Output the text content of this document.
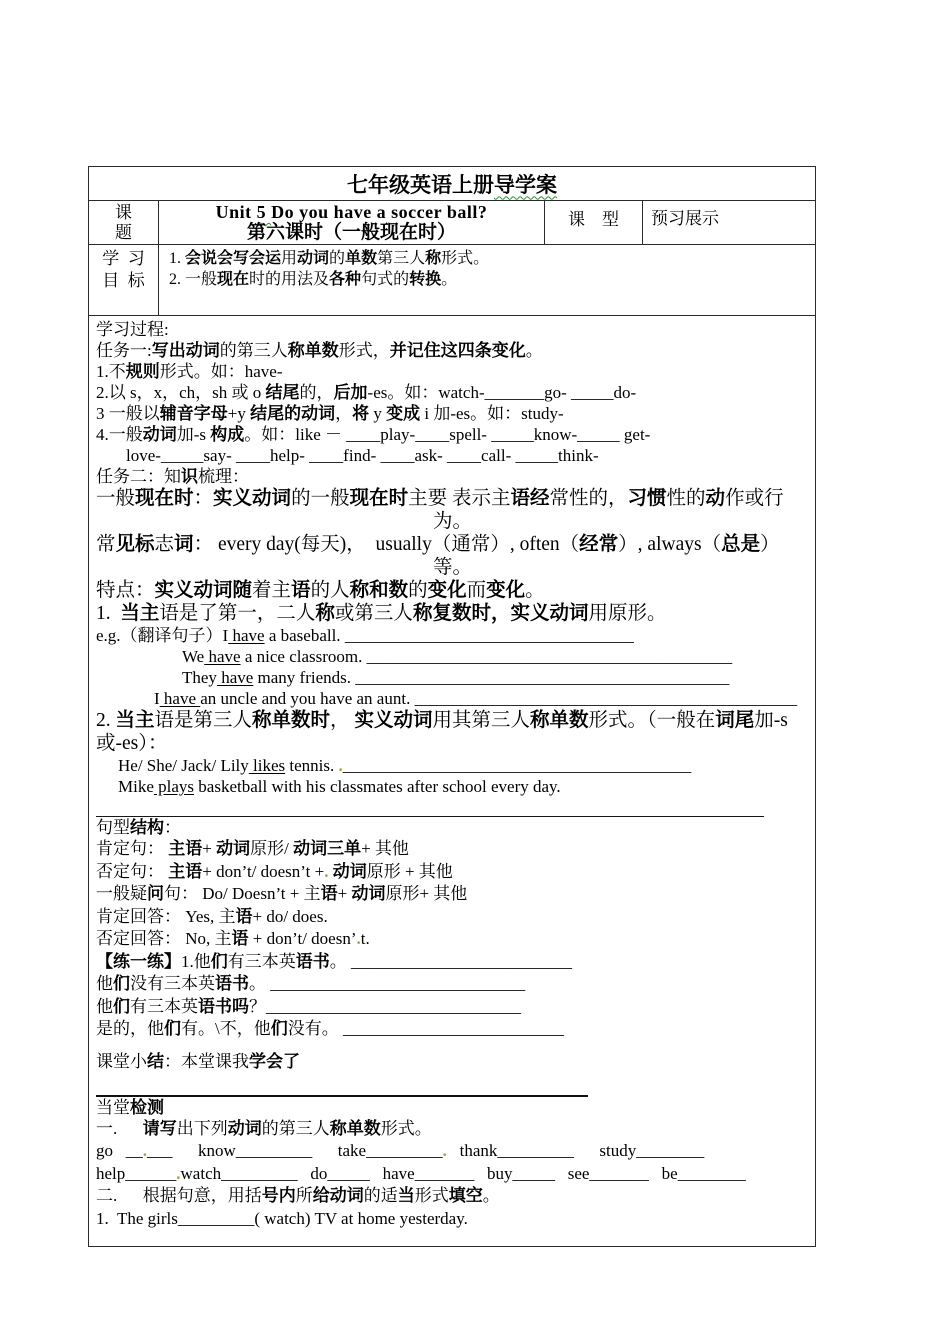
七年级英语上册导学案
课
题
Unit 5 Do you have a soccer ball?
第六课时（一般现在时）
课    型	预习展示
学  习
目  标
1. 会说会写会运用动词的单数第三人称形式。
2. 一般现在时的用法及各种句式的转换。
学习过程:
任务一:写出动词的第三人称单数形式，并记住这四条变化。
1.不规则形式。如：have-
2.以 s，x，ch，sh 或 o 结尾的，后加-es。如：watch-_______go- _____do-
3 一般以辅音字母+y 结尾的动词，将 y 变成 i 加-es。如：study-
4.一般动词加-s 构成。如：like － ____play-____spell- _____know-_____ get-
love-_____say- ____help- ____find- ____ask- ____call- _____think-
任务二：知识梳理：
一般现在时：实义动词的一般现在时主要 表示主语经常性的，习惯性的动作或行
为。
常见标志词： every day(每天)，  usually（通常）, often（经常）, always（总是）
等。
特点：实义动词随着主语的人称和数的变化而变化。
1.  当主语是了第一，二人称或第三人称复数时，实义动词用原形。
e.g.（翻译句子）I have a baseball. __________________________________
We have a nice classroom. ___________________________________________
They have many friends. ____________________________________________
I have an uncle and you have an aunt. _____________________________________________
2. 当主语是第三人称单数时， 实义动词用其第三人称单数形式。（一般在词尾加-s
或-es）：
He/ She/ Jack/ Lily likes tennis. ._________________________________________
Mike plays basketball with his classmates after school every day.
句型结构：
肯定句： 主语+ 动词原形/ 动词三单+ 其他
否定句： 主语+ don’t/ doesn’t +. 动词原形 + 其他
一般疑问句： Do/ Doesn’t + 主语+ 动词原形+ 其他
肯定回答： Yes, 主语+ do/ does.
否定回答： No, 主语 + don’t/ doesn’.t.
【练一练】1.他们有三本英语书。 __________________________
他们没有三本英语书。 ______________________________
他们有三本英语书吗？______________________________
是的，他们有。\不，他们没有。 __________________________
课堂小结：本堂课我学会了
当堂检测
一.      请写出下列动词的第三人称单数形式。
go   __.___      know_________      take_________.   thank_________      study________
help______.watch_________   do_____   have_______   buy_____   see_______   be________
二.      根据句意，用括号内所给动词的适当形式填空。
1.  The girls_________( watch) TV at home yesterday.
